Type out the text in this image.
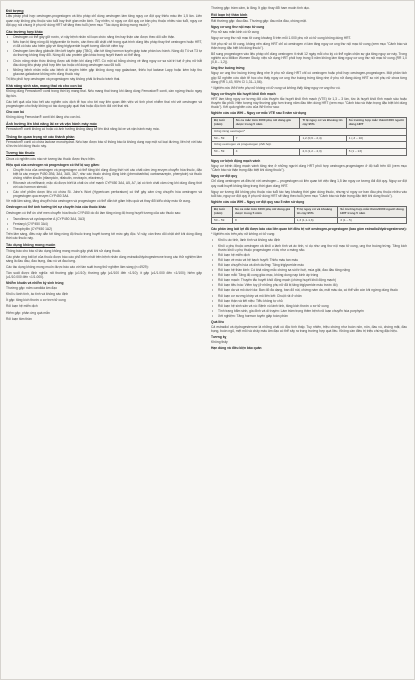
Đối tượng

Liệu pháp phối hợp oestrogen-progestogen và liệu pháp chỉ dùng oestrogen làm tăng nguy cơ đột quỵ thiếu máu lên 1,5 lần. Liên quan này không phụ thuộc vào tuổi hay thời gian mãn kinh. Tuy nhiên, vì nguy cơ đột quỵ cơ bản phụ thuộc nhiều vào tuổi, nguy cơ đột quỵ nói chung ở phụ nữ dùng HRT sẽ tăng theo tuổi (xem mục "Tác dụng không mong muốn").

Các trường hợp khác
• Oestrogen có thể gây giữ nước, vì vậy bệnh nhân rối loạn chức năng tim hay thận cần được theo dõi cẩn thận.
• Nếu bạn bị tăng nồng độ triglyceride từ trước, cần theo dõi chặt chẽ trong quá trình dùng liệu pháp thay thế oestrogen hoặc HRT, vì đã có báo cáo hiếm gặp về tăng triglyceride huyết tương dẫn tới viêm tụy.
• Oestrogen làm tăng globulin liên kết tuyến giáp (TBG), dẫn tới tăng hormon tuyến giáp toàn phần lưu hành. Nồng độ T4 và T3 tự do thường không thay đổi. Nồng độ các protein gắn khác trong huyết thanh có thể tăng.
• Chức năng nhận thức không được cải thiện khi dùng HRT. Có một số bằng chứng về tăng nguy cơ sa sút trí tuệ ở phụ nữ bắt đầu dùng liệu pháp phối hợp liên tục hoặc chỉ dùng oestrogen sau 65 tuổi.
• Những bệnh nhân mắc các bệnh di truyền hiếm gặp không dung nạp galactose, thiếu hụt lactase Lapp hoặc kém hấp thu glucose-galactose không nên dùng thuốc này.

Trị liệu phối hợp oestrogen và progestogen này không phải là thuốc tránh thai.

Khả năng sinh sản, mang thai và cho con bú

Không dùng Femoston® conti trong thời kỳ mang thai. Nếu mang thai trong khi đang dùng Femoston® conti, cần ngừng thuốc ngay lập tức.

Các kết quả của hầu hết các nghiên cứu dịch tễ học cho tới nay liên quan đến việc vô tình phơi nhiễm thai nhi với oestrogen và progestogen cho thấy không có tác dụng gây quái thai hoặc độc tính đối với thai nhi.

Cho con bú

Không dùng Femoston® conti khi đang cho con bú.

Ảnh hưởng lên khả năng lái xe và vận hành máy móc

Femoston® conti không có hoặc có ảnh hưởng không đáng kể lên khả năng lái xe và vận hành máy móc.

Thông tin quan trọng về các thành phần

Femoston® conti có chứa lactose monohydrat. Nếu bạn được bác sĩ thông báo là không dung nạp một số loại đường, liên hệ với bác sĩ trước khi dùng thuốc này.

Tương tác thuốc

Chưa có nghiên cứu nào về tương tác thuốc được thực hiện.

Hiệu quả của oestrogen và progestogen có thể bị suy giảm:
• Chuyển hóa của oestrogen và progestogen có thể tăng khi dùng đồng thời với các chất cảm ứng enzym chuyển hóa thuốc, đặc biệt là các enzym P450 2B6, 3A4, 3A5, 3A7, như các thuốc chống động kinh (phenobarbital, carbamazepin, phenytoin) và thuốc chống nhiễm khuẩn (rifampicin, rifabutin, nevirapin, efavirenz).
• Ritonavir và nelfinavir, mặc dù được biết là chất ức chế mạnh CYP450 3A4, A5, A7, lại có tính chất cảm ứng khi dùng đồng thời với các hormon steroid.
• Các chế phẩm dược liệu có chứa St. John's Wort (Hypericum perforatum) có thể gây cảm ứng chuyển hóa oestrogen và progestogen qua enzym CYP450 3A4.

Về mặt lâm sàng, tăng chuyển hóa oestrogen và progestogen có thể dẫn tới giảm hiệu quả và thay đổi kiểu chảy máu tử cung.

Oestrogen có thể ảnh hưởng tới sự chuyển hóa của thuốc khác

Oestrogen có thể ức chế men chuyển hóa thuốc CYP450 do đó làm tăng nồng độ trong huyết tương của các thuốc sau:

• Tacrolimus và cyclosporine A (CYP450 3A4, 3A3)
• Fentanyl (CYP450 3A4)
• Theophyllin (CYP450 1A2)

Trên lâm sàng, điều này dẫn tới tăng nồng độ thuốc trong huyết tương tới mức gây độc. Vì vậy, cần theo dõi chặt chẽ khi dùng đồng thời các thuốc này.

Tác dụng không mong muốn

Thông báo cho bác sĩ tác dụng không mong muốn gặp phải khi sử dụng thuốc.

Các phản ứng bất lợi của thuốc được báo cáo phổ biến nhất trên bệnh nhân dùng estradiol/dydrogesterone trong các thử nghiệm lâm sàng là đau đầu, đau bụng, đau vú và đau lưng.

Các tác dụng không mong muốn được báo cáo với tần suất trong thử nghiệm lâm sàng (n=4929):

Tần suất được định nghĩa: rất thường gặp (≥1/10); thường gặp (≥1/100 đến <1/10); ít gặp (≥1/1.000 đến <1/100); hiếm gặp (≥1/10.000 đến <1/1.000).

Nhiễm khuẩn và nhiễm ký sinh trùng

Thường gặp: nấm candida âm đạo

Khối u lành tính, ác tính và không xác định

Ít gặp: tăng kích thước u cơ trơn tử cung

Rối loạn hệ miễn dịch

Hiếm gặp: phản ứng quá mẫn

Rối loạn tâm thần

Thường gặp: trầm cảm, lo lắng. Ít gặp: thay đổi ham muốn tình dục.

Rối loạn hệ thần kinh

Rất thường gặp: đau đầu. Thường gặp: đau nửa đầu, chóng mặt.

Nguy cơ ung thư nội mạc tử cung

Phụ nữ sau mãn kinh có tử cung

Nguy cơ ung thư nội mạc tử cung khoảng 5 trên mỗi 1.000 phụ nữ có tử cung không dùng HRT.

Với phụ nữ có tử cung, không nên dùng HRT chỉ có oestrogen vì làm tăng nguy cơ ung thư nội mạc tử cung (xem mục "Cảnh báo và thận trọng đặc biệt khi dùng thuốc").

Bổ sung progestogen vào liệu pháp chỉ dùng oestrogen ít nhất 12 ngày mỗi chu kỳ có thể ngăn chặn sự gia tăng nguy cơ này. Trong nghiên cứu Million Women Study, việc sử dụng HRT phối hợp trong 5 năm không làm tăng nguy cơ ung thư nội mạc tử cung (RR 1,0 (0,8 – 1,2)).

Ung thư buồng trứng

Nguy cơ ung thư buồng trứng tăng nhẹ ở phụ nữ dùng HRT chỉ có oestrogen hoặc phối hợp oestrogen-progestogen. Một phân tích gộp 52 nghiên cứu dịch tễ học cho thấy nguy cơ ung thư buồng trứng tăng nhẹ ở phụ nữ đang dùng HRT so với phụ nữ chưa từng dùng (RR 1,43, 95% CI 1,31–1,56).

* Nghiên cứu WHI trên phụ nữ không có tử cung và không thấy tăng nguy cơ ung thư vú.

Nguy cơ thuyên tắc huyết khối tĩnh mạch

HRT làm tăng nguy cơ tương đối của thuyên tắc huyết khối tĩnh mạch (VTE) từ 1,3 – 3 lần, tức là huyết khối tĩnh mạch sâu hoặc thuyên tắc phổi. Hiện tượng này thường gặp hơn trong năm đầu tiên dùng HRT (xem mục "Cảnh báo và thận trọng đặc biệt khi dùng thuốc"). Kết quả nghiên cứu của WHI như sau:

Nghiên cứu của WHI – Nguy cơ mắc VTE sau 5 năm sử dụng
Độ tuổi (năm)	Số ca mắc trên 1000 phụ nữ dùng giả dược trong 5 năm	Tỉ lệ nguy cơ và khoảng tin cậy 95%	Số trường hợp mắc thêm/1000 người dùng HRT
Uống riêng oestrogen*			
50 – 59	7	1,2 (0,6 – 2,4)	1 (-3 – 10)
Uống oestrogen và progestogen phối hợp			
50 – 59	4	2,3 (1,2 – 4,3)	5 (1 – 13)
Nguy cơ bệnh động mạch vành

Nguy cơ bệnh động mạch vành tăng nhẹ ở những người dùng HRT phối hợp oestrogen-progestogen ở độ tuổi trên 60 (xem mục "Cảnh báo và thận trọng đặc biệt khi dùng thuốc").

Nguy cơ đột quỵ

Chỉ dùng oestrogen và điều trị với oestrogen – progestogen có liên quan tới việc tăng 1,5 lần nguy cơ tương đối đột quỵ. Nguy cơ đột quỵ xuất huyết không tăng trong thời gian dùng HRT.

Nguy cơ tương đối không phụ thuộc vào tuổi tác hay khoảng thời gian dùng thuốc, nhưng vì nguy cơ ban đầu phụ thuộc nhiều vào tuổi tác, nguy cơ đột quỵ ở phụ nữ dùng HRT sẽ tăng theo tuổi (xem mục "Cảnh báo và thận trọng đặc biệt khi dùng thuốc").

Nghiên cứu của WHI – Nguy cơ đột quỵ sau 5 năm sử dụng
Độ tuổi (năm)	Số ca mắc trên 1000 phụ nữ dùng giả dược trong 5 năm	Tỉ lệ nguy cơ và khoảng tin cậy 95%	Số trường hợp mắc thêm/1000 người dùng HRT trong 5 năm
50 – 59	8	1,3 (1,1-1,6)	3 (1 – 5)
Các phản ứng bất lợi đã được báo cáo liên quan tới điều trị với oestrogen-progestogen (bao gồm estradiol/dydrogesterone):

* Nghiên cứu trên phụ nữ không có tử cung.

• Khối u ác tính, lành tính và không xác định
• Khối u phụ thuộc oestrogen cả khối u lành tính và ác tính, ví dụ như ung thư nội mạc tử cung, ung thư buồng trứng. Tăng kích thước khối u phụ thuộc progestogen ví dụ như u màng não.
• Rối loạn hệ miễn dịch
• Rối loạn về máu và hệ bạch huyết: Thiếu máu tan máu
• Rối loạn chuyển hóa và dinh dưỡng: Tăng triglyceride máu
• Rối loạn hệ thần kinh: Có khả năng mắc chứng sa sút trí tuệ, múa giật, đau đầu tăng nặng
• Rối loạn mắt: Tăng độ cong giác mạc, không dung nạp kính áp tròng
• Rối loạn mạch: Thuyên tắc huyết khối động mạch (chứng huyết khối động mạch)
• Rối loạn tiêu hóa: Viêm tụy (ở những phụ nữ đã bị tăng triglyceride máu trước đó)
• Rối loạn da và mô dưới da: Ban đỏ đa dạng, ban đỏ nút, chứng nám da, mất màu da, có thể vẫn còn khi ngừng dùng thuốc
• Rối loạn cơ xương khớp và mô liên kết: Chuột rút ở chân
• Rối loạn thận và tiết niệu: Tiểu không tự chủ
• Rối loạn hệ sinh sản và vú: Bệnh vú lành tính, tăng kích thước u xơ tử cung
• Tình trạng bẩm sinh, gia đình và di truyền: Làm trầm trọng thêm bệnh rối loạn chuyển hóa porphyrin
• Xét nghiệm: Tăng hormon tuyến giáp toàn phần
Quá liều

Cả estradiol và dydrogesterone là những chất có độc tính thấp. Tuy nhiên, triệu chứng như buồn nôn, nôn, đau vú, chóng mặt, đau bụng, buồn ngủ, mệt mỏi và chảy máu âm đạo có thể xảy ra trong trường hợp quá liều. Không cần điều trị triệu chứng đặc hiệu.

Tương kỵ

Không thấy

Hạn dùng và điều kiện bảo quản
